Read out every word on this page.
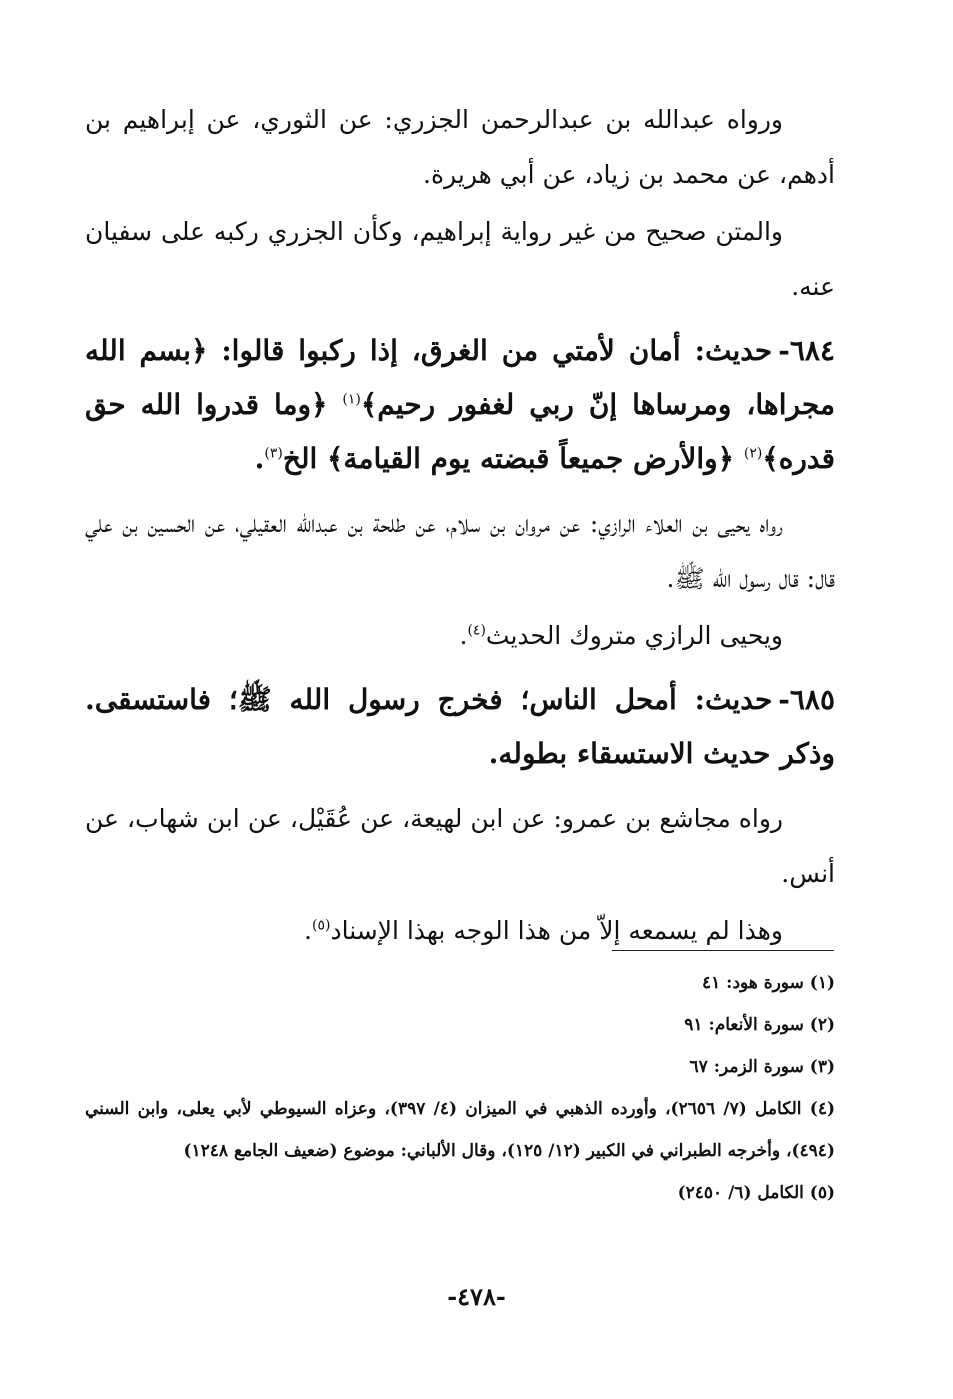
ورواه عبدالله بن عبدالرحمن الجزري: عن الثوري، عن إبراهيم بن أدهم، عن محمد بن زياد، عن أبي هريرة.

والمتن صحيح من غير رواية إبراهيم، وكأن الجزري ركبه على سفيان عنه.

٦٨٤-حديث: أمان لأمتي من الغرق، إذا ركبوا قالوا: ﴿بسم الله مجراها، ومرساها إنّ ربي لغفور رحيم﴾$^{(١)}$ ﴿وما قدروا الله حق قدره﴾$^{(٢)}$ ﴿والأرض جميعاً قبضته يوم القيامة﴾ الخ$^{(٣)}$.

رواه يحيى بن العلاء الرازي: عن مروان بن سلام، عن طلحة بن عبدالله العقيلي، عن الحسين بن علي قال: قال رسول الله ﷺ.

ويحيى الرازي متروك الحديث$^{(٤)}$.

٦٨٥-حديث: أمحل الناس؛ فخرج رسول الله ﷺ؛ فاستسقى. وذكر حديث الاستسقاء بطوله.

رواه مجاشع بن عمرو: عن ابن لهيعة، عن عُقَيْل، عن ابن شهاب، عن أنس.

وهذا لم يسمعه إلاّ من هذا الوجه بهذا الإسناد$^{(٥)}$.

(١) سورة هود: ٤١

(٢) سورة الأنعام: ٩١

(٣) سورة الزمر: ٦٧

(٤) الكامل (٧/ ٢٦٥٦)، وأورده الذهبي في الميزان (٤/ ٣٩٧)، وعزاه السيوطي لأبي يعلى، وابن السني (٤٩٤)، وأخرجه الطبراني في الكبير (١٢/ ١٢٥)، وقال الألباني: موضوع (ضعيف الجامع ١٢٤٨)

(٥) الكامل (٦/ ٢٤٥٠)

-٤٧٨-
